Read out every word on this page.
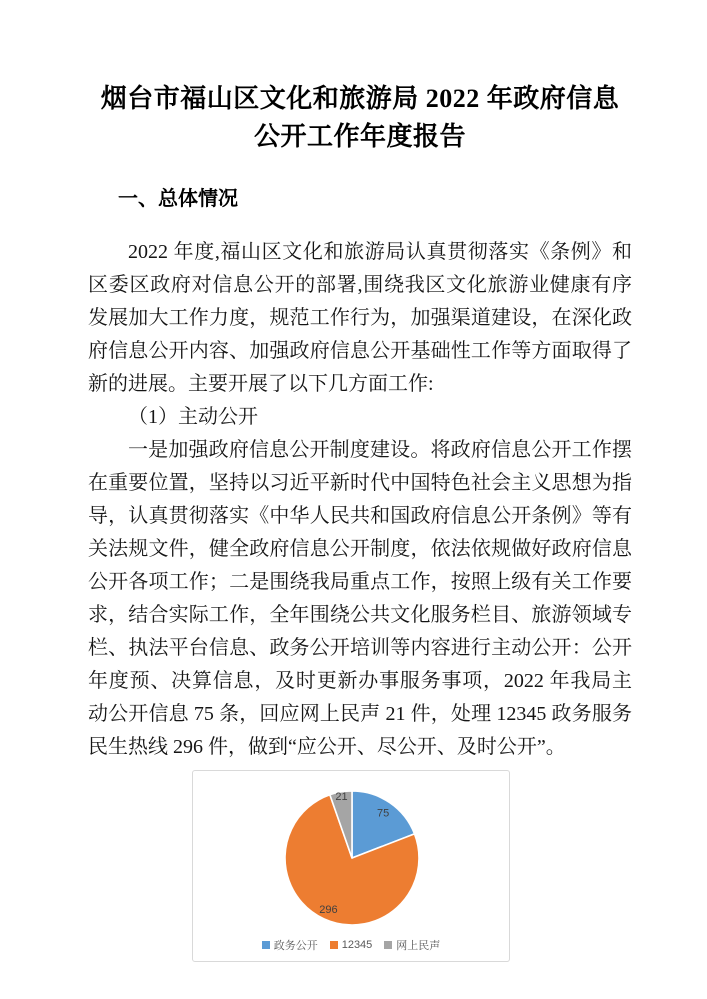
烟台市福山区文化和旅游局 2022 年政府信息
公开工作年度报告
一、总体情况

2022 年度,福山区文化和旅游局认真贯彻落实《条例》和区委区政府对信息公开的部署,围绕我区文化旅游业健康有序发展加大工作力度，规范工作行为，加强渠道建设，在深化政府信息公开内容、加强政府信息公开基础性工作等方面取得了新的进展。主要开展了以下几方面工作:

（1）主动公开

一是加强政府信息公开制度建设。将政府信息公开工作摆在重要位置，坚持以习近平新时代中国特色社会主义思想为指导，认真贯彻落实《中华人民共和国政府信息公开条例》等有关法规文件，健全政府信息公开制度，依法依规做好政府信息公开各项工作；二是围绕我局重点工作，按照上级有关工作要求，结合实际工作，全年围绕公共文化服务栏目、旅游领域专栏、执法平台信息、政务公开培训等内容进行主动公开：公开年度预、决算信息，及时更新办事服务事项，2022 年我局主动公开信息 75 条，回应网上民声 21 件，处理 12345 政务服务民生热线 296 件，做到“应公开、尽公开、及时公开”。

75
296
21
政务公开 12345 网上民声
